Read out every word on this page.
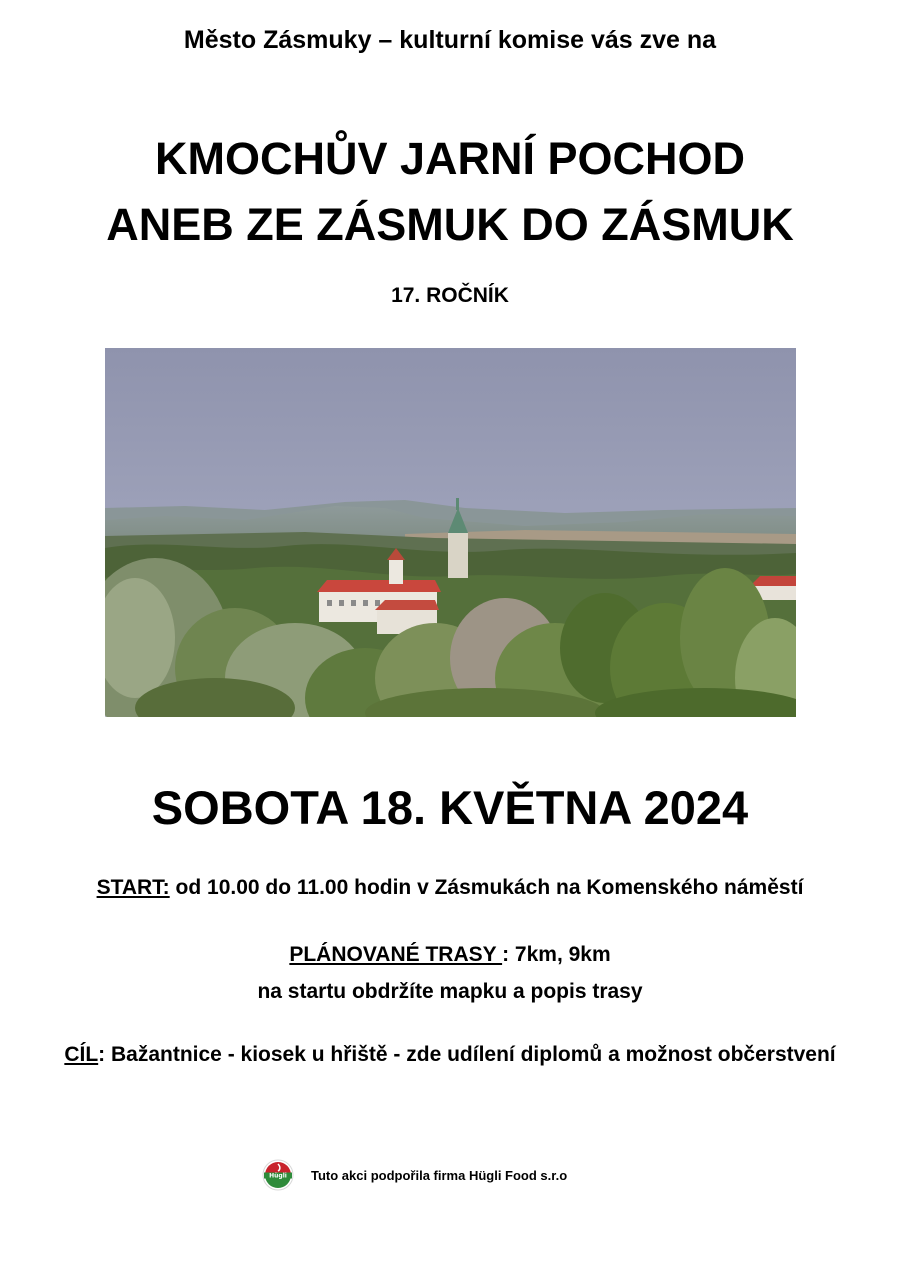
Město Zásmuky – kulturní komise vás zve na
KMOCHŮV JARNÍ POCHOD
ANEB ZE ZÁSMUK DO ZÁSMUK
17. ROČNÍK
SOBOTA 18. KVĚTNA 2024
START: od 10.00 do 11.00 hodin v Zásmukách na Komenského náměstí
PLÁNOVANÉ TRASY : 7km, 9km
na startu obdržíte mapku a popis trasy
CÍL: Bažantnice - kiosek u hřiště - zde udílení diplomů a možnost občerstvení
Hügli Tuto akci podpořila firma Hügli Food s.r.o
